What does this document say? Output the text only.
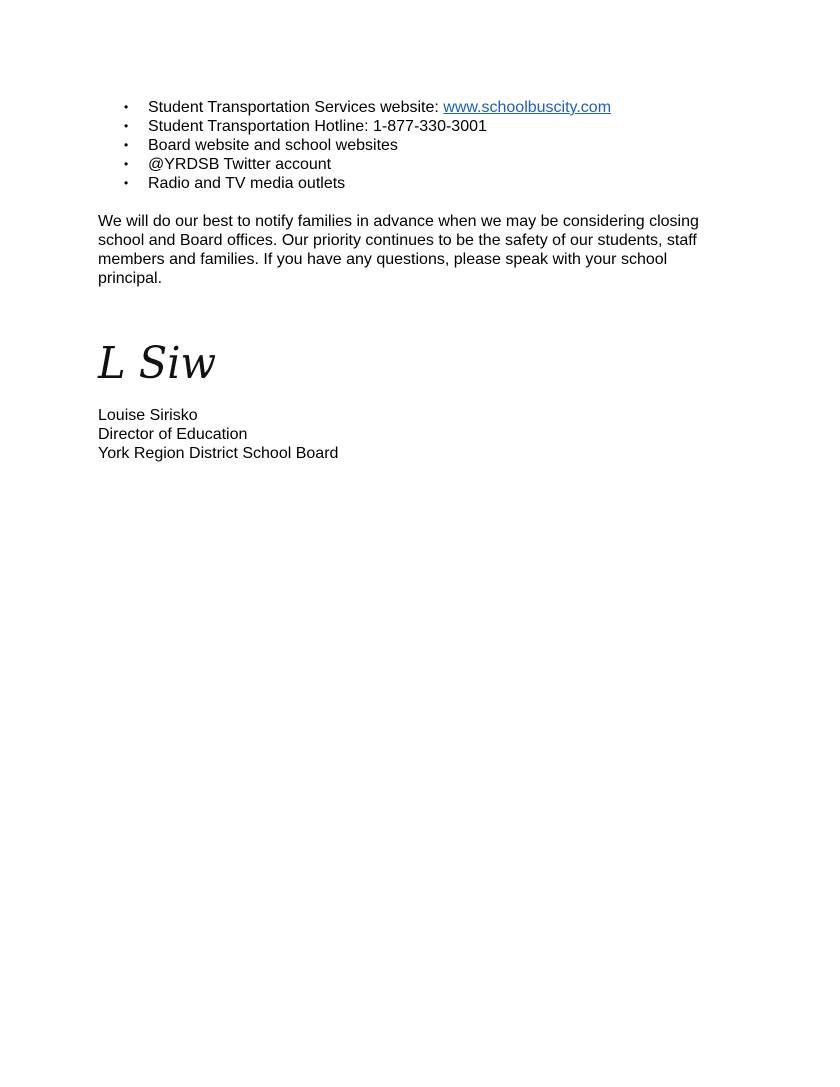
• Student Transportation Services website: www.schoolbuscity.com
• Student Transportation Hotline: 1-877-330-3001
• Board website and school websites
• @YRDSB Twitter account
• Radio and TV media outlets

We will do our best to notify families in advance when we may be considering closing
school and Board offices. Our priority continues to be the safety of our students, staff
members and families. If you have any questions, please speak with your school
principal.

L Siw
Louise Sirisko
Director of Education
York Region District School Board
